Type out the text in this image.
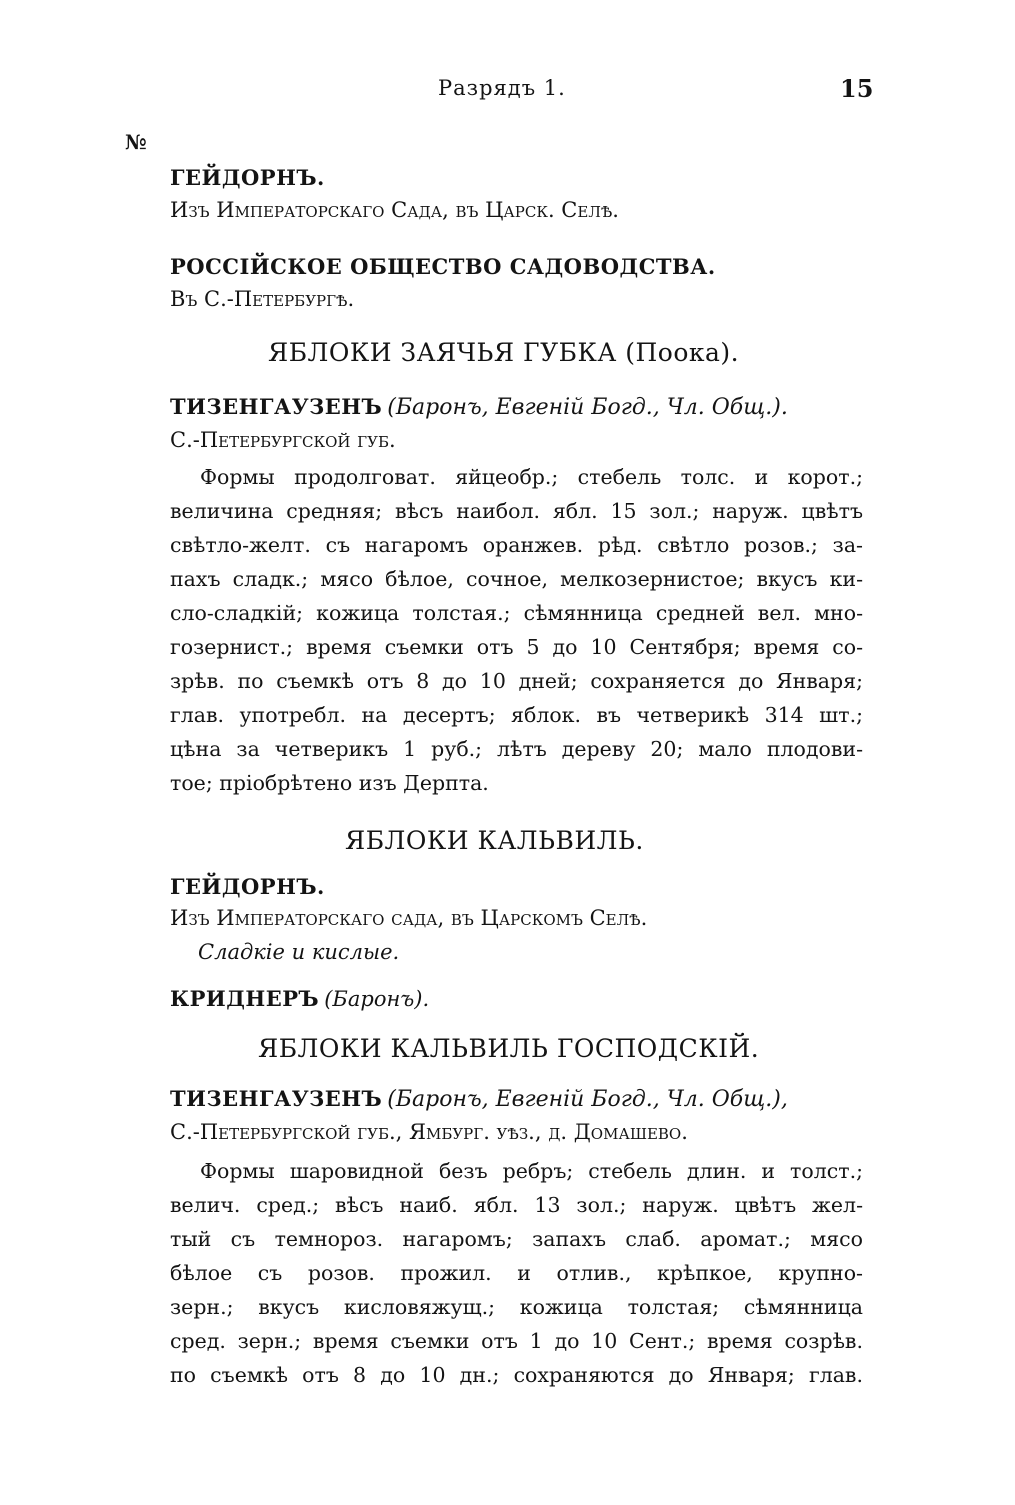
Разрядъ 1.	15
№
ГЕЙДОРНЪ.
Изъ Императорскаго Сада, въ Царск. Селѣ.
РОССІЙСКОЕ ОБЩЕСТВО САДОВОДСТВА.
Въ С.-Петербургѣ.
ЯБЛОКИ ЗАЯЧЬЯ ГУБКА (Поока).
ТИЗЕНГАУЗЕНЪ (Баронъ, Евгеній Богд., Чл. Общ.).
С.-Петербургской губ.
Формы продолговат. яйцеобр.; стебель толс. и корот.;
величина средняя; вѣсъ наибол. ябл. 15 зол.; наруж. цвѣтъ
свѣтло-желт. съ нагаромъ оранжев. рѣд. свѣтло розов.; за-
пахъ сладк.; мясо бѣлое, сочное, мелкозернистое; вкусъ ки-
сло-сладкій; кожица толстая.; сѣмянница средней вел. мно-
гозернист.; время съемки отъ 5 до 10 Сентября; время со-
зрѣв. по съемкѣ отъ 8 до 10 дней; сохраняется до Января;
глав. употребл. на десертъ; яблок. въ четверикѣ 314 шт.;
цѣна за четверикъ 1 руб.; лѣтъ дереву 20; мало плодови-
тое; пріобрѣтено изъ Дерпта.
ЯБЛОКИ КАЛЬВИЛЬ.
ГЕЙДОРНЪ.
Изъ Императорскаго сада, въ Царскомъ Селѣ.
Сладкіе и кислые.
КРИДНЕРЪ (Баронъ).
ЯБЛОКИ КАЛЬВИЛЬ ГОСПОДСКІЙ.
ТИЗЕНГАУЗЕНЪ (Баронъ, Евгеній Богд., Чл. Общ.),
С.-Петербургской губ., Ямбург. уѣз., д. Домашево.
Формы шаровидной безъ ребръ; стебель длин. и толст.;
велич. сред.; вѣсъ наиб. ябл. 13 зол.; наруж. цвѣтъ жел-
тый съ темнороз. нагаромъ; запахъ слаб. аромат.; мясо
бѣлое съ розов. прожил. и отлив., крѣпкое, крупно-
зерн.; вкусъ кисловяжущ.; кожица толстая; сѣмянница
сред. зерн.; время съемки отъ 1 до 10 Сент.; время созрѣв.
по съемкѣ отъ 8 до 10 дн.; сохраняются до Января; глав.
